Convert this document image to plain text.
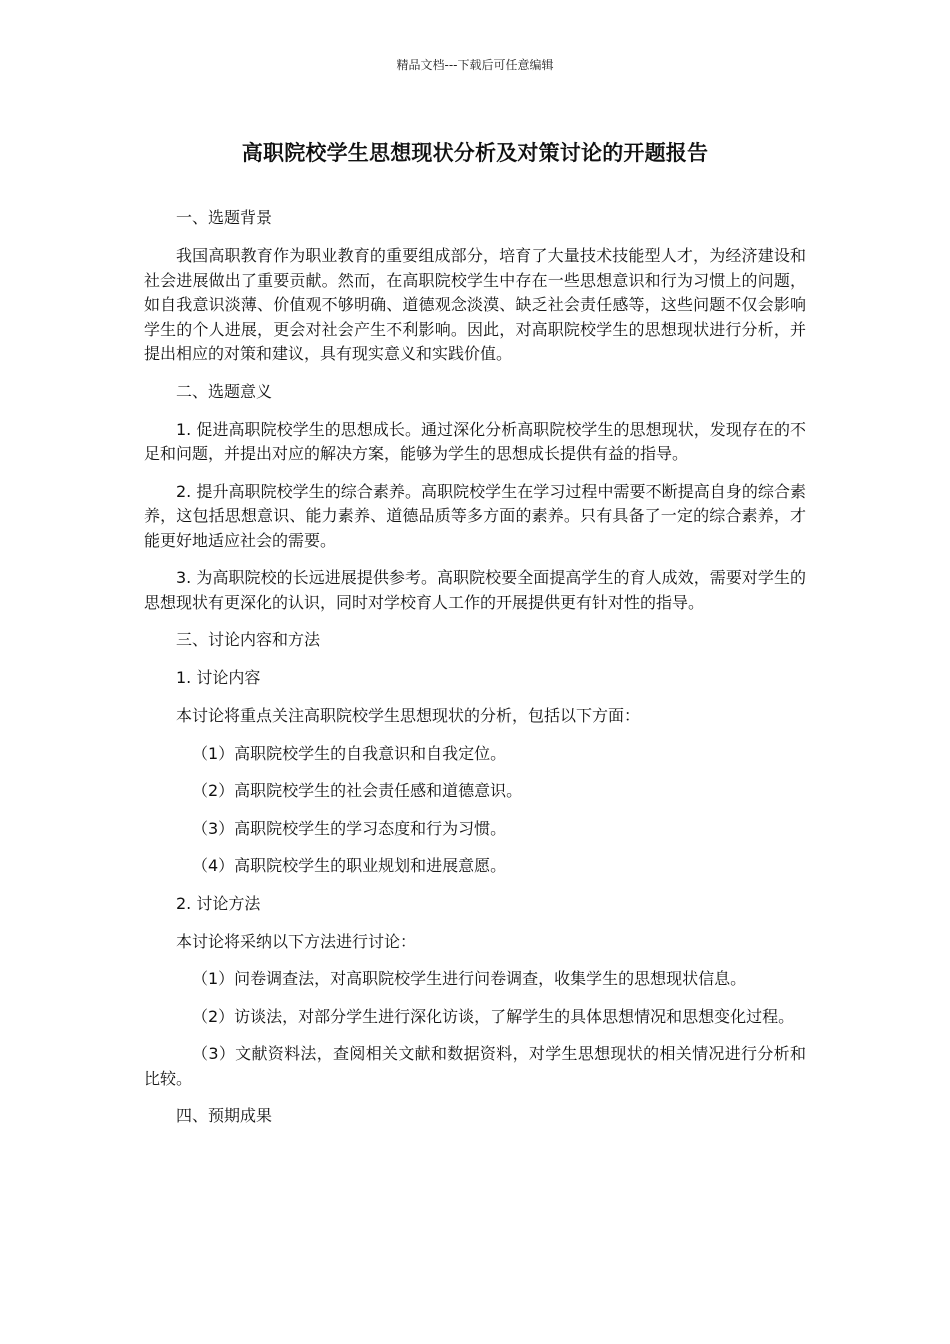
精品文档---下载后可任意编辑
高职院校学生思想现状分析及对策讨论的开题报告

一、选题背景

我国高职教育作为职业教育的重要组成部分，培育了大量技术技能型人才，为经济建设和社会进展做出了重要贡献。然而，在高职院校学生中存在一些思想意识和行为习惯上的问题，如自我意识淡薄、价值观不够明确、道德观念淡漠、缺乏社会责任感等，这些问题不仅会影响学生的个人进展，更会对社会产生不利影响。因此，对高职院校学生的思想现状进行分析，并提出相应的对策和建议，具有现实意义和实践价值。

二、选题意义

1. 促进高职院校学生的思想成长。通过深化分析高职院校学生的思想现状，发现存在的不足和问题，并提出对应的解决方案，能够为学生的思想成长提供有益的指导。

2. 提升高职院校学生的综合素养。高职院校学生在学习过程中需要不断提高自身的综合素养，这包括思想意识、能力素养、道德品质等多方面的素养。只有具备了一定的综合素养，才能更好地适应社会的需要。

3. 为高职院校的长远进展提供参考。高职院校要全面提高学生的育人成效，需要对学生的思想现状有更深化的认识，同时对学校育人工作的开展提供更有针对性的指导。

三、讨论内容和方法

1. 讨论内容

本讨论将重点关注高职院校学生思想现状的分析，包括以下方面：

（1）高职院校学生的自我意识和自我定位。

（2）高职院校学生的社会责任感和道德意识。

（3）高职院校学生的学习态度和行为习惯。

（4）高职院校学生的职业规划和进展意愿。

2. 讨论方法

本讨论将采纳以下方法进行讨论：

（1）问卷调查法，对高职院校学生进行问卷调查，收集学生的思想现状信息。

（2）访谈法，对部分学生进行深化访谈，了解学生的具体思想情况和思想变化过程。

（3）文献资料法，查阅相关文献和数据资料，对学生思想现状的相关情况进行分析和比较。

四、预期成果
